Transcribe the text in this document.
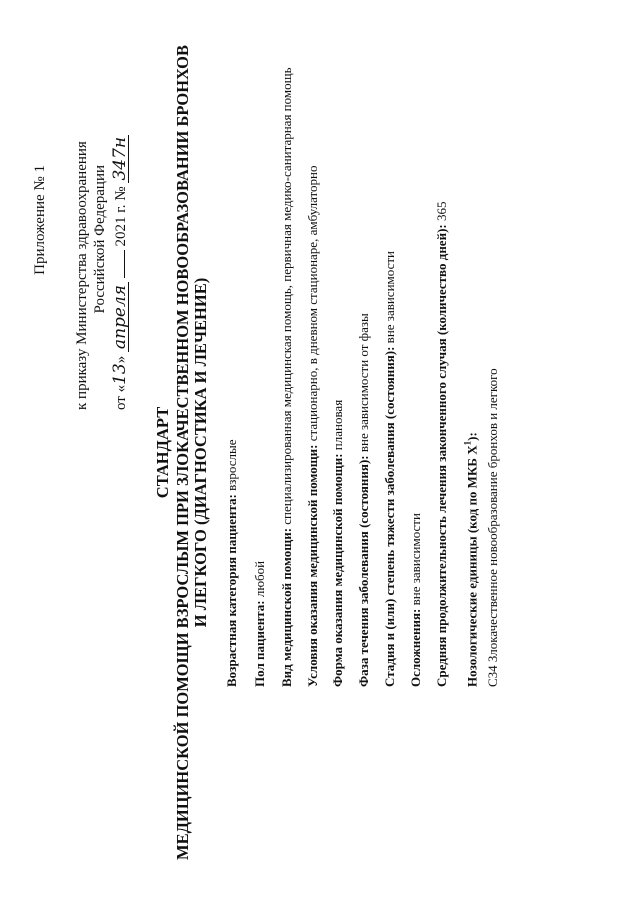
Приложение № 1 к приказу Министерства здравоохранения Российской Федерации
от «13» апреля  2021 г. № 347н
СТАНДАРТ МЕДИЦИНСКОЙ ПОМОЩИ ВЗРОСЛЫМ ПРИ ЗЛОКАЧЕСТВЕННОМ НОВООБРАЗОВАНИИ БРОНХОВ И ЛЕГКОГО (ДИАГНОСТИКА И ЛЕЧЕНИЕ) Возрастная категория пациента: взрослые
Пол пациента: любой Вид медицинской помощи: специализированная медицинская помощь, первичная медико-санитарная помощь
Условия оказания медицинской помощи: стационарно, в дневном стационаре, амбулаторно
Форма оказания медицинской помощи: плановая
Фаза течения заболевания (состояния): вне зависимости от фазы Стадия и (или) степень тяжести заболевания (состояния): вне зависимости
Осложнения: вне зависимости Средняя продолжительность лечения законченного случая (количество дней): 365
Нозологические единицы (код по МКБ $X^1$): C34 Злокачественное новообразование бронхов и легкого
